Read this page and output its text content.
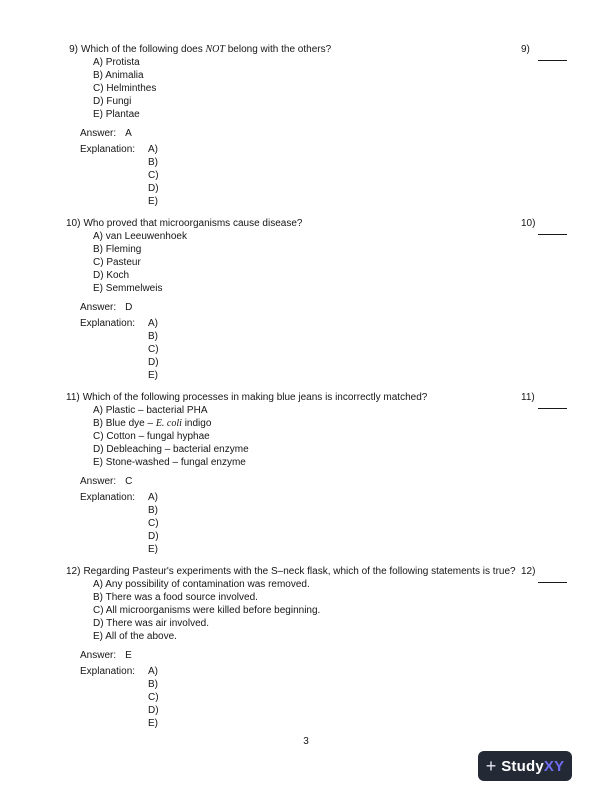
9) Which of the following does NOT belong with the others?	9)
A) Protista
B) Animalia
C) Helminthes
D) Fungi
E) Plantae
Answer: A
Explanation:	A)
B)
C)
D)
E)
10) Who proved that microorganisms cause disease?	10)
A) van Leeuwenhoek
B) Fleming
C) Pasteur
D) Koch
E) Semmelweis
Answer: D
Explanation:	A)
B)
C)
D)
E)
11) Which of the following processes in making blue jeans is incorrectly matched?	11)
A) Plastic – bacterial PHA
B) Blue dye – E. coli indigo
C) Cotton – fungal hyphae
D) Debleaching – bacterial enzyme
E) Stone-washed – fungal enzyme
Answer: C
Explanation:	A)
B)
C)
D)
E)
12) Regarding Pasteur's experiments with the S–neck flask, which of the following statements is true? 12)
A) Any possibility of contamination was removed.
B) There was a food source involved.
C) All microorganisms were killed before beginning.
D) There was air involved.
E) All of the above.
Answer: E
Explanation:	A)
B)
C)
D)
E)
3
+ Study XY
